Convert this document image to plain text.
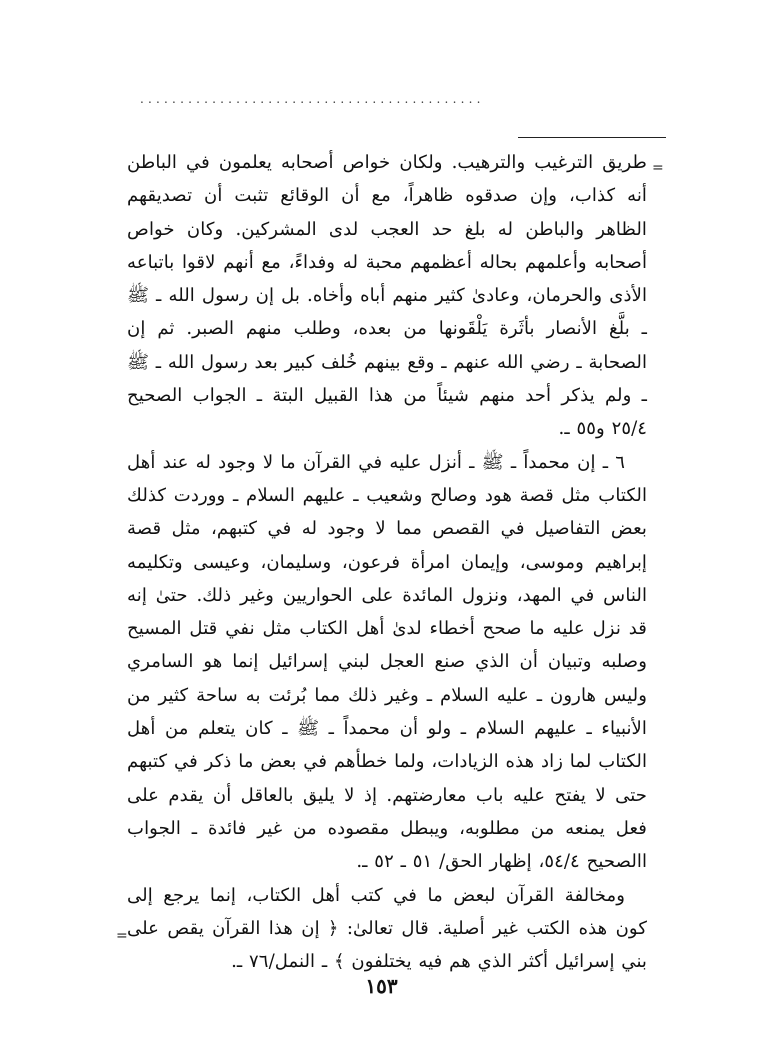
...........................................
=
=

طريق الترغيب والترهيب. ولكان خواص أصحابه يعلمون في الباطن أنه كذاب، وإن صدقوه ظاهراً، مع أن الوقائع تثبت أن تصديقهم الظاهر والباطن له بلغ حد العجب لدى المشركين. وكان خواص أصحابه وأعلمهم بحاله أعظمهم محبة له وفداءً، مع أنهم لاقوا باتباعه الأذى والحرمان، وعادىٰ كثير منهم أباه وأخاه. بل إن رسول الله ـ ﷺ ـ بلَّغ الأنصار بأثَرة يَلْقَونها من بعده، وطلب منهم الصبر. ثم إن الصحابة ـ رضي الله عنهم ـ وقع بينهم خُلف كبير بعد رسول الله ـ ﷺ ـ ولم يذكر أحد منهم شيئاً من هذا القبيل البتة ـ الجواب الصحيح ٢٥/٤ و٥٥ ـ.

٦ ـ إن محمداً ـ ﷺ ـ أنزل عليه في القرآن ما لا وجود له عند أهل الكتاب مثل قصة هود وصالح وشعيب ـ عليهم السلام ـ ووردت كذلك بعض التفاصيل في القصص مما لا وجود له في كتبهم، مثل قصة إبراهيم وموسى، وإيمان امرأة فرعون، وسليمان، وعيسى وتكليمه الناس في المهد، ونزول المائدة على الحواريين وغير ذلك. حتىٰ إنه قد نزل عليه ما صحح أخطاء لدىٰ أهل الكتاب مثل نفي قتل المسيح وصلبه وتبيان أن الذي صنع العجل لبني إسرائيل إنما هو السامري وليس هارون ـ عليه السلام ـ وغير ذلك مما بُرئت به ساحة كثير من الأنبياء ـ عليهم السلام ـ ولو أن محمداً ـ ﷺ ـ كان يتعلم من أهل الكتاب لما زاد هذه الزيادات، ولما خطأهم في بعض ما ذكر في كتبهم حتى لا يفتح عليه باب معارضتهم. إذ لا يليق بالعاقل أن يقدم على فعل يمنعه من مطلوبه، ويبطل مقصوده من غير فائدة ـ الجواب االصحيح ٥٤/٤، إظهار الحق/ ٥١ ـ ٥٢ ـ.

ومخالفة القرآن لبعض ما في كتب أهل الكتاب، إنما يرجع إلى كون هذه الكتب غير أصلية. قال تعالىٰ: ﴿ إن هذا القرآن يقص على بني إسرائيل أكثر الذي هم فيه يختلفون ﴾ ـ النمل/٧٦ ـ.

١٥٣
